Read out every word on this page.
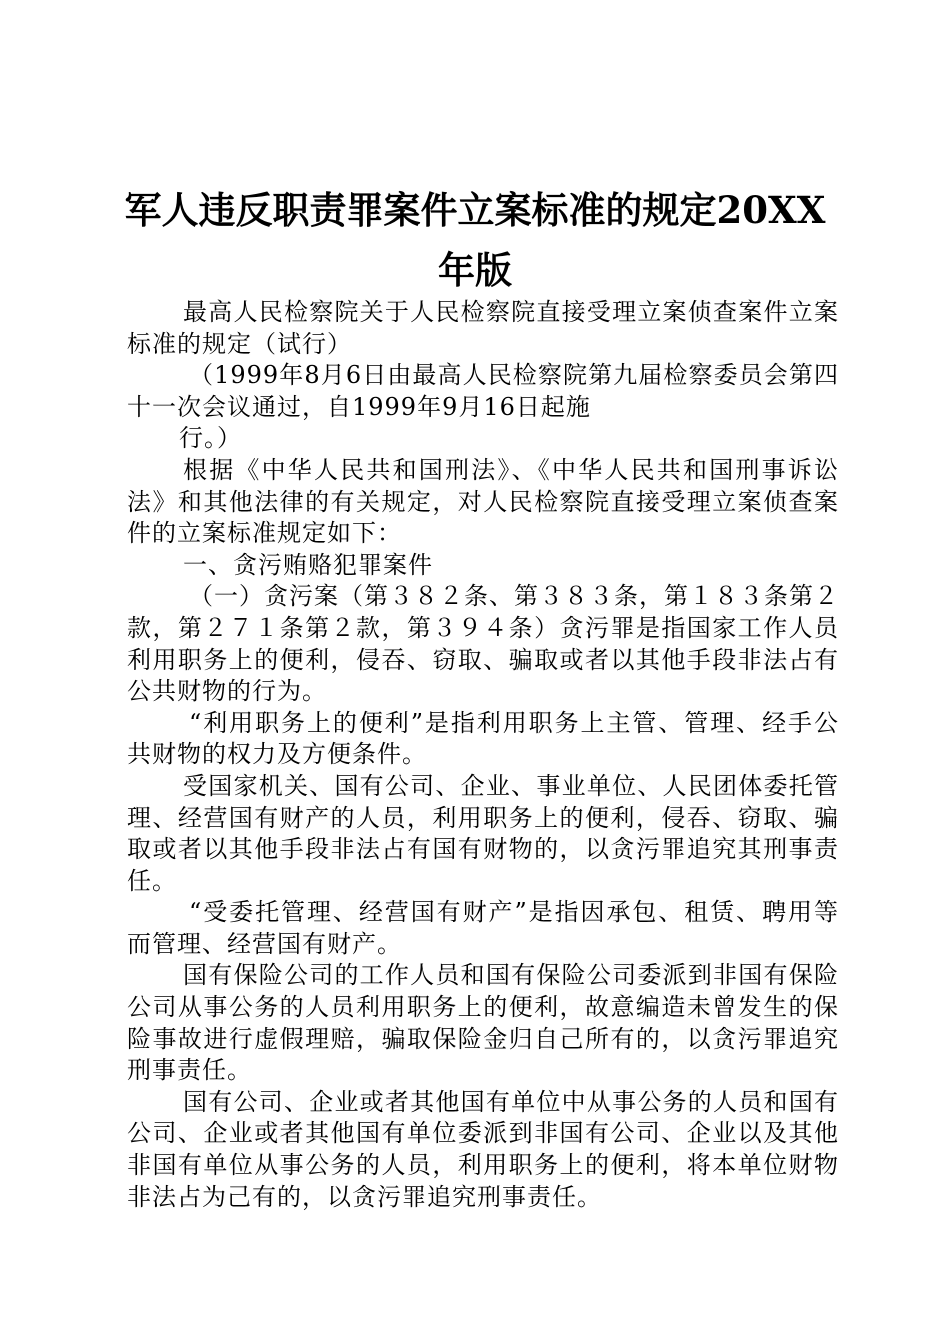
军人违反职责罪案件立案标准的规定20XX年版

最高人民检察院关于人民检察院直接受理立案侦查案件立案标准的规定（试行）

（1999年8月6日由最高人民检察院第九届检察委员会第四十一次会议通过，自1999年9月16日起施

行。）

根据《中华人民共和国刑法》、《中华人民共和国刑事诉讼法》和其他法律的有关规定，对人民检察院直接受理立案侦查案件的立案标准规定如下：

一、贪污贿赂犯罪案件

（一）贪污案（第３８２条、第３８３条，第１８３条第２款，第２７１条第２款，第３９４条）贪污罪是指国家工作人员利用职务上的便利，侵吞、窃取、骗取或者以其他手段非法占有公共财物的行为。

“利用职务上的便利”是指利用职务上主管、管理、经手公共财物的权力及方便条件。

受国家机关、国有公司、企业、事业单位、人民团体委托管理、经营国有财产的人员，利用职务上的便利，侵吞、窃取、骗取或者以其他手段非法占有国有财物的，以贪污罪追究其刑事责任。

“受委托管理、经营国有财产”是指因承包、租赁、聘用等而管理、经营国有财产。

国有保险公司的工作人员和国有保险公司委派到非国有保险公司从事公务的人员利用职务上的便利，故意编造未曾发生的保险事故进行虚假理赔，骗取保险金归自己所有的，以贪污罪追究刑事责任。

国有公司、企业或者其他国有单位中从事公务的人员和国有公司、企业或者其他国有单位委派到非国有公司、企业以及其他非国有单位从事公务的人员，利用职务上的便利，将本单位财物非法占为己有的，以贪污罪追究刑事责任。
